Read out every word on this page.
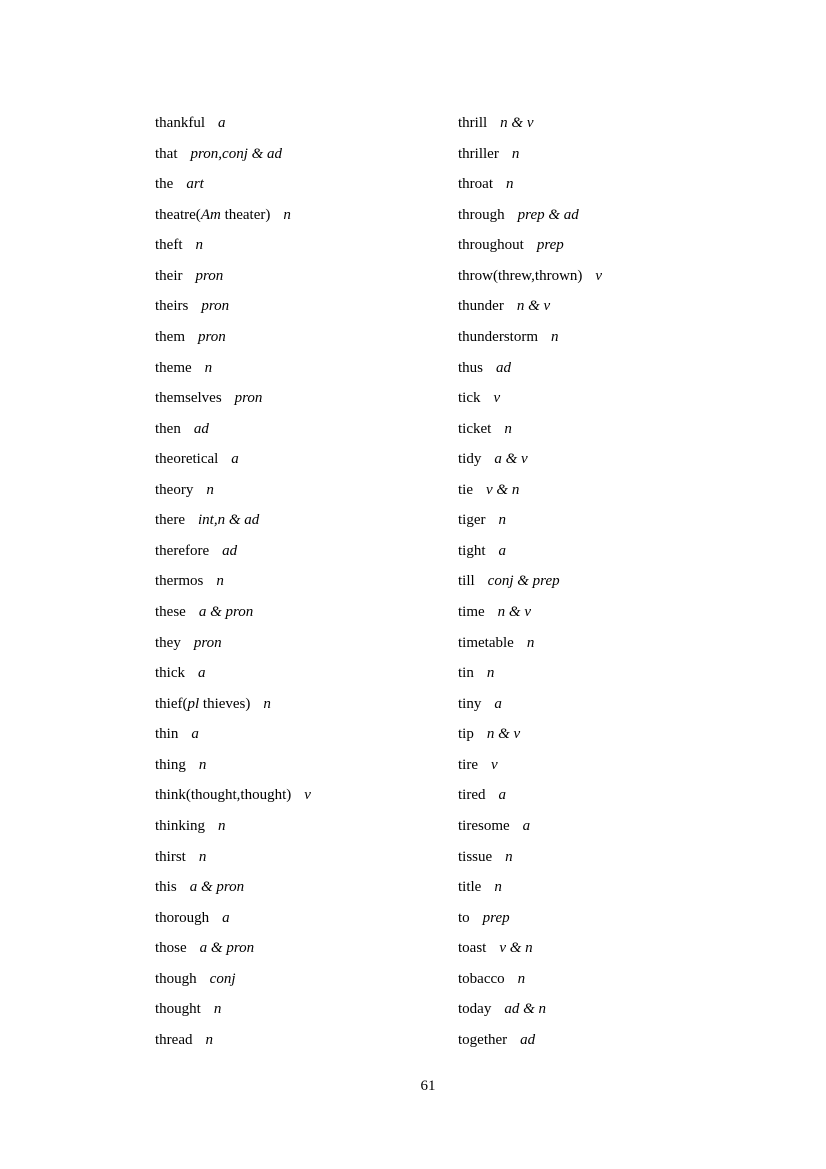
thankful a
that pron,conj & ad
the art
theatre(Am theater) n
theft n
their pron
theirs pron
them pron
theme n
themselves pron
then ad
theoretical a
theory n
there int,n & ad
therefore ad
thermos n
these a & pron
they pron
thick a
thief(pl thieves) n
thin a
thing n
think(thought,thought) v
thinking n
thirst n
this a & pron
thorough a
those a & pron
though conj
thought n
thread n
thrill n & v
thriller n
throat n
through prep & ad
throughout prep
throw(threw,thrown) v
thunder n & v
thunderstorm n
thus ad
tick v
ticket n
tidy a & v
tie v & n
tiger n
tight a
till conj & prep
time n & v
timetable n
tin n
tiny a
tip n & v
tire v
tired a
tiresome a
tissue n
title n
to prep
toast v & n
tobacco n
today ad & n
together ad
61
